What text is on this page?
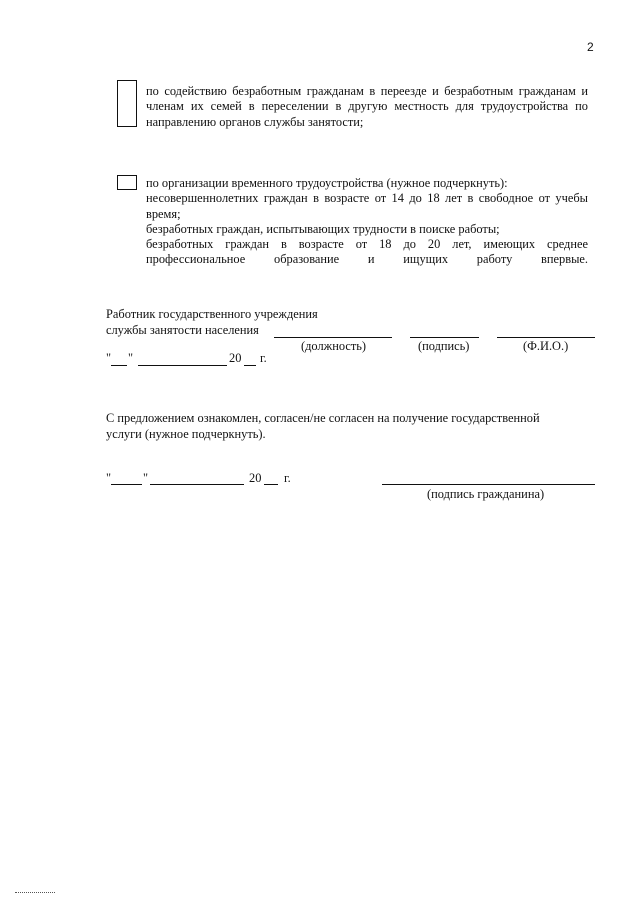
2
по содействию безработным гражданам в переезде и безработным гражданам и
членам их семей в переселении в другую местность для трудоустройства по
направлению органов службы занятости;
по организации временного трудоустройства (нужное подчеркнуть):
несовершеннолетних граждан в возрасте от 14 до 18 лет в свободное от учебы
время;
безработных граждан, испытывающих трудности в поиске работы;
безработных граждан в возрасте от 18 до 20 лет, имеющих среднее
профессиональное образование и ищущих работу впервые.
Работник государственного учреждения
службы занятости населения
(должность)	(подпись)	(Ф.И.О.)
" "	20 г.
С предложением ознакомлен, согласен/не согласен на получение государственной
услуги (нужное подчеркнуть).
"	"	20 г.
(подпись гражданина)
